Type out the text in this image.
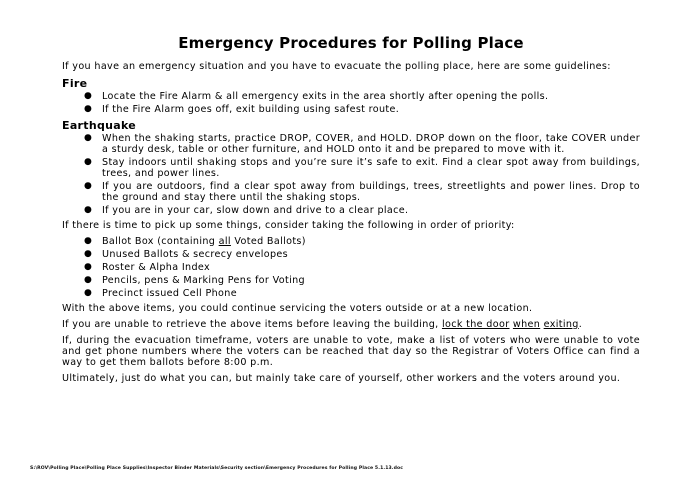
Emergency Procedures for Polling Place

If you have an emergency situation and you have to evacuate the polling place, here are some guidelines:

Fire
● Locate the Fire Alarm & all emergency exits in the area shortly after opening the polls.
● If the Fire Alarm goes off, exit building using safest route.
Earthquake
● When the shaking starts, practice DROP, COVER, and HOLD. DROP down on the floor, take COVER under a sturdy desk, table or other furniture, and HOLD onto it and be prepared to move with it.
● Stay indoors until shaking stops and you’re sure it’s safe to exit. Find a clear spot away from buildings, trees, and power lines.
● If you are outdoors, find a clear spot away from buildings, trees, streetlights and power lines. Drop to the ground and stay there until the shaking stops.
● If you are in your car, slow down and drive to a clear place.

If there is time to pick up some things, consider taking the following in order of priority:

● Ballot Box (containing all Voted Ballots)
● Unused Ballots & secrecy envelopes
● Roster & Alpha Index
● Pencils, pens & Marking Pens for Voting
● Precinct issued Cell Phone

With the above items, you could continue servicing the voters outside or at a new location.

If you are unable to retrieve the above items before leaving the building, lock the door when exiting.

If, during the evacuation timeframe, voters are unable to vote, make a list of voters who were unable to vote and get phone numbers where the voters can be reached that day so the Registrar of Voters Office can find a way to get them ballots before 8:00 p.m.

Ultimately, just do what you can, but mainly take care of yourself, other workers and the voters around you.

S:\ROV\Polling Place\Polling Place Supplies\Inspector Binder Materials\Security section\Emergency Procedures for Polling Place 5.1.13.doc
